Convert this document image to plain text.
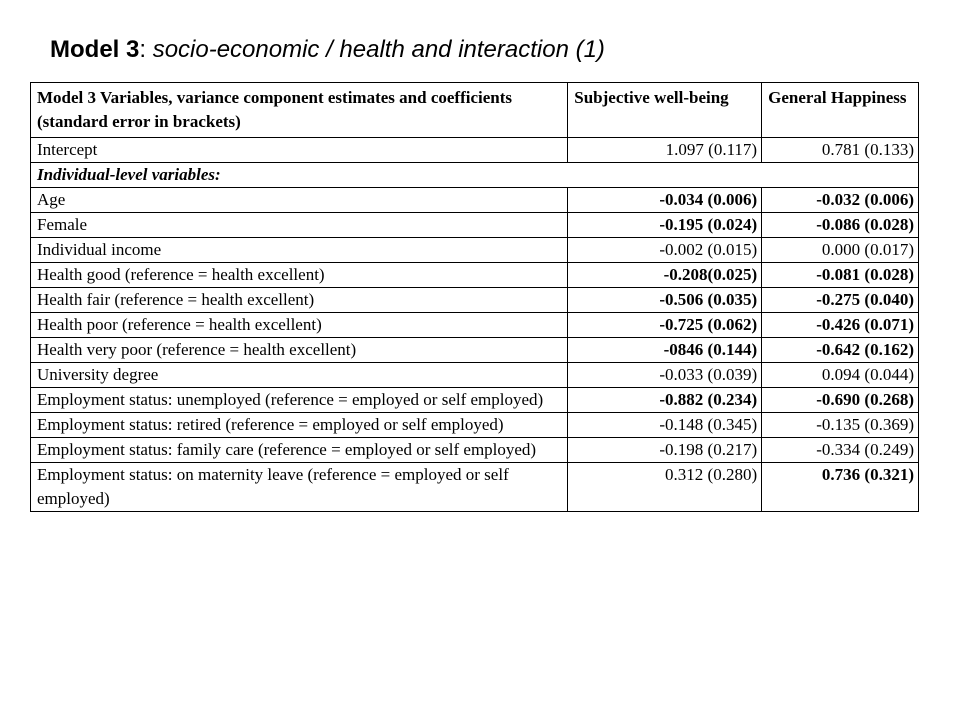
Model 3: socio-economic / health and interaction (1)
Model 3 Variables, variance component estimates and coefficients (standard error in brackets)	Subjective well-being	General Happiness
Intercept	1.097 (0.117)	0.781 (0.133)
Individual-level variables:		
Age	-0.034 (0.006)	-0.032 (0.006)
Female	-0.195 (0.024)	-0.086 (0.028)
Individual income	-0.002 (0.015)	0.000 (0.017)
Health good (reference = health excellent)	-0.208(0.025)	-0.081 (0.028)
Health fair (reference = health excellent)	-0.506 (0.035)	-0.275 (0.040)
Health poor (reference = health excellent)	-0.725 (0.062)	-0.426 (0.071)
Health very poor (reference = health excellent)	-0846 (0.144)	-0.642 (0.162)
University degree	-0.033 (0.039)	0.094 (0.044)
Employment status: unemployed (reference = employed or self employed)	-0.882 (0.234)	-0.690 (0.268)
Employment status: retired (reference = employed or self employed)	-0.148 (0.345)	-0.135 (0.369)
Employment status: family care (reference = employed or self employed)	-0.198 (0.217)	-0.334 (0.249)
Employment status: on maternity leave (reference = employed or self employed)	0.312 (0.280)	0.736 (0.321)
